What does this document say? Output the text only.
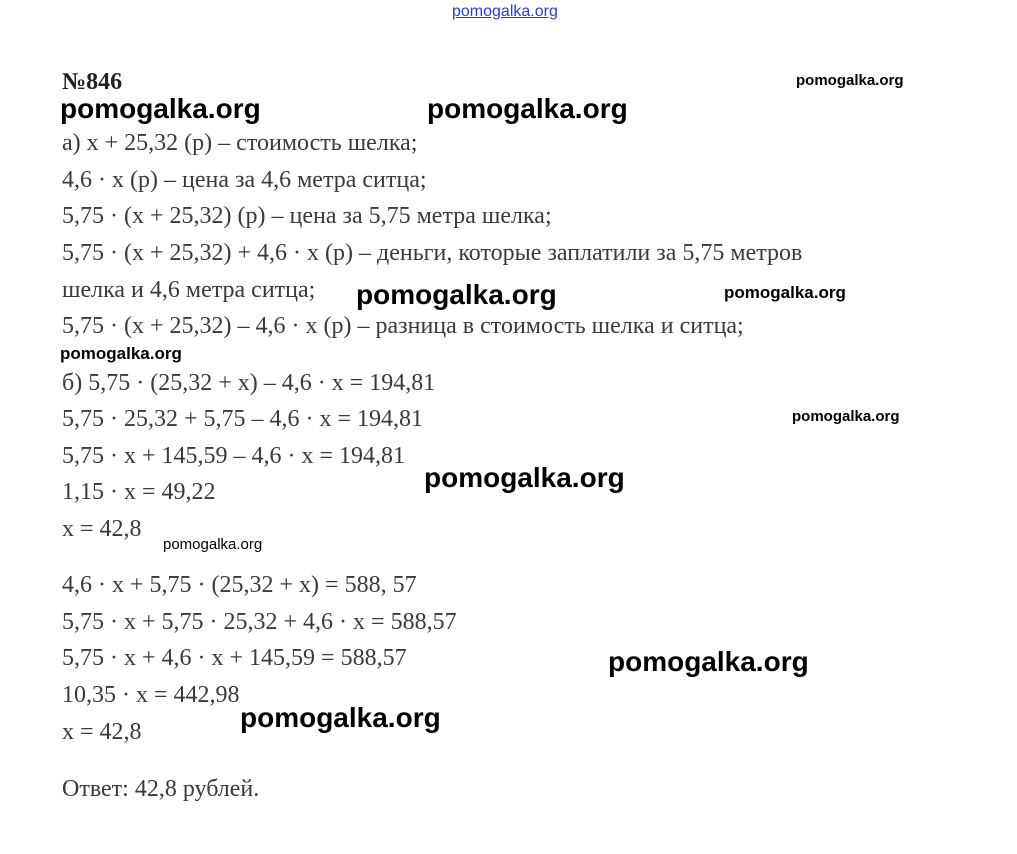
pomogalka.org
№846
а) x + 25,32 (р) – стоимость шелка;
4,6 · x (р) – цена за 4,6 метра ситца;
5,75 · (x + 25,32) (р) – цена за 5,75 метра шелка;
5,75 · (x + 25,32) + 4,6 · x (р) – деньги, которые заплатили за 5,75 метров
шелка и 4,6 метра ситца;
5,75 · (x + 25,32) – 4,6 · x (р) – разница в стоимость шелка и ситца;
б) 5,75 · (25,32 + x) – 4,6 · x = 194,81
5,75 · 25,32 + 5,75 – 4,6 · x = 194,81
5,75 · x + 145,59 – 4,6 · x = 194,81
1,15 · x = 49,22
x = 42,8
4,6 · x + 5,75 · (25,32 + x) = 588, 57
5,75 · x + 5,75 · 25,32 + 4,6 · x = 588,57
5,75 · x + 4,6 · x + 145,59 = 588,57
10,35 · x = 442,98
x = 42,8
Ответ: 42,8 рублей.
pomogalka.org
pomogalka.org	pomogalka.org
pomogalka.org	pomogalka.org
pomogalka.org
pomogalka.org
pomogalka.org
pomogalka.org
pomogalka.org
pomogalka.org
